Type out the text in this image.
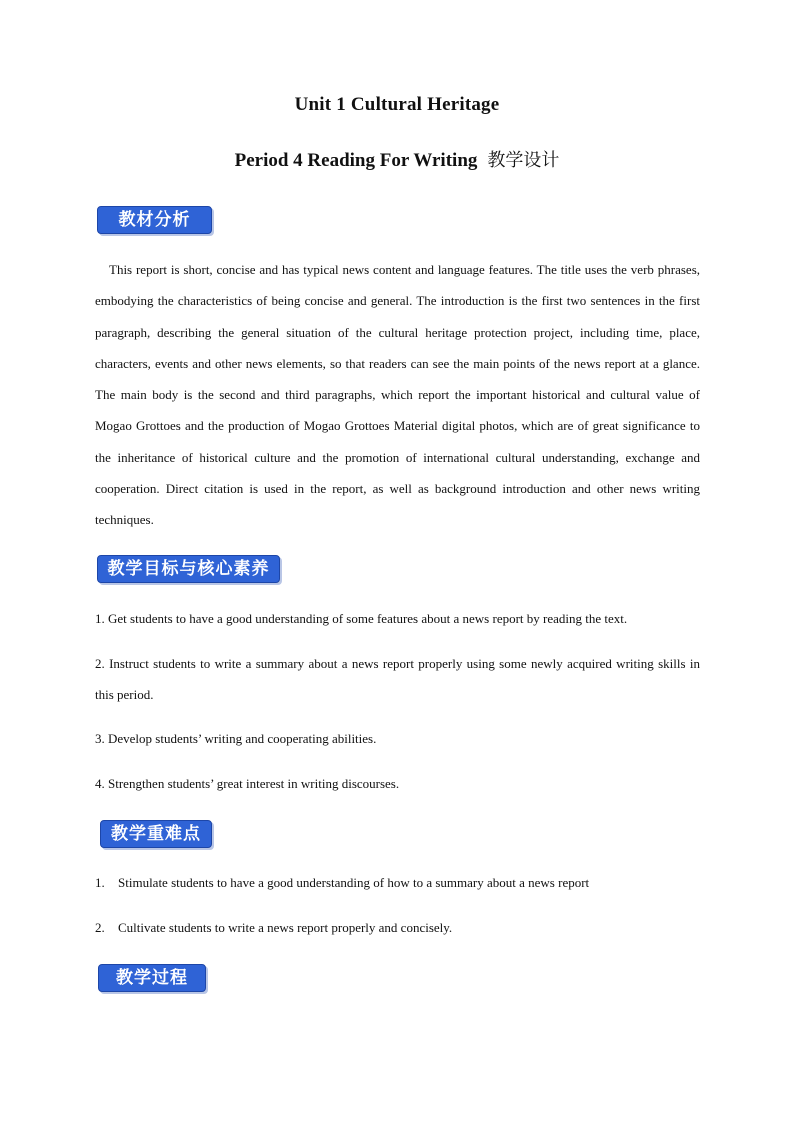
Unit 1 Cultural Heritage
Period 4 Reading For Writing 教学设计
教材分析
This report is short, concise and has typical news content and language features. The title uses the verb phrases, embodying the characteristics of being concise and general. The introduction is the first two sentences in the first paragraph, describing the general situation of the cultural heritage protection project, including time, place, characters, events and other news elements, so that readers can see the main points of the news report at a glance. The main body is the second and third paragraphs, which report the important historical and cultural value of Mogao Grottoes and the production of Mogao Grottoes Material digital photos, which are of great significance to the inheritance of historical culture and the promotion of international cultural understanding, exchange and cooperation. Direct citation is used in the report, as well as background introduction and other news writing techniques.
教学目标与核心素养
1. Get students to have a good understanding of some features about a news report by reading the text.
2. Instruct students to write a summary about a news report properly using some newly acquired writing skills in this period.
3. Develop students’ writing and cooperating abilities.
4. Strengthen students’ great interest in writing discourses.
教学重难点
1. Stimulate students to have a good understanding of how to a summary about a news report
2. Cultivate students to write a news report properly and concisely.
教学过程
